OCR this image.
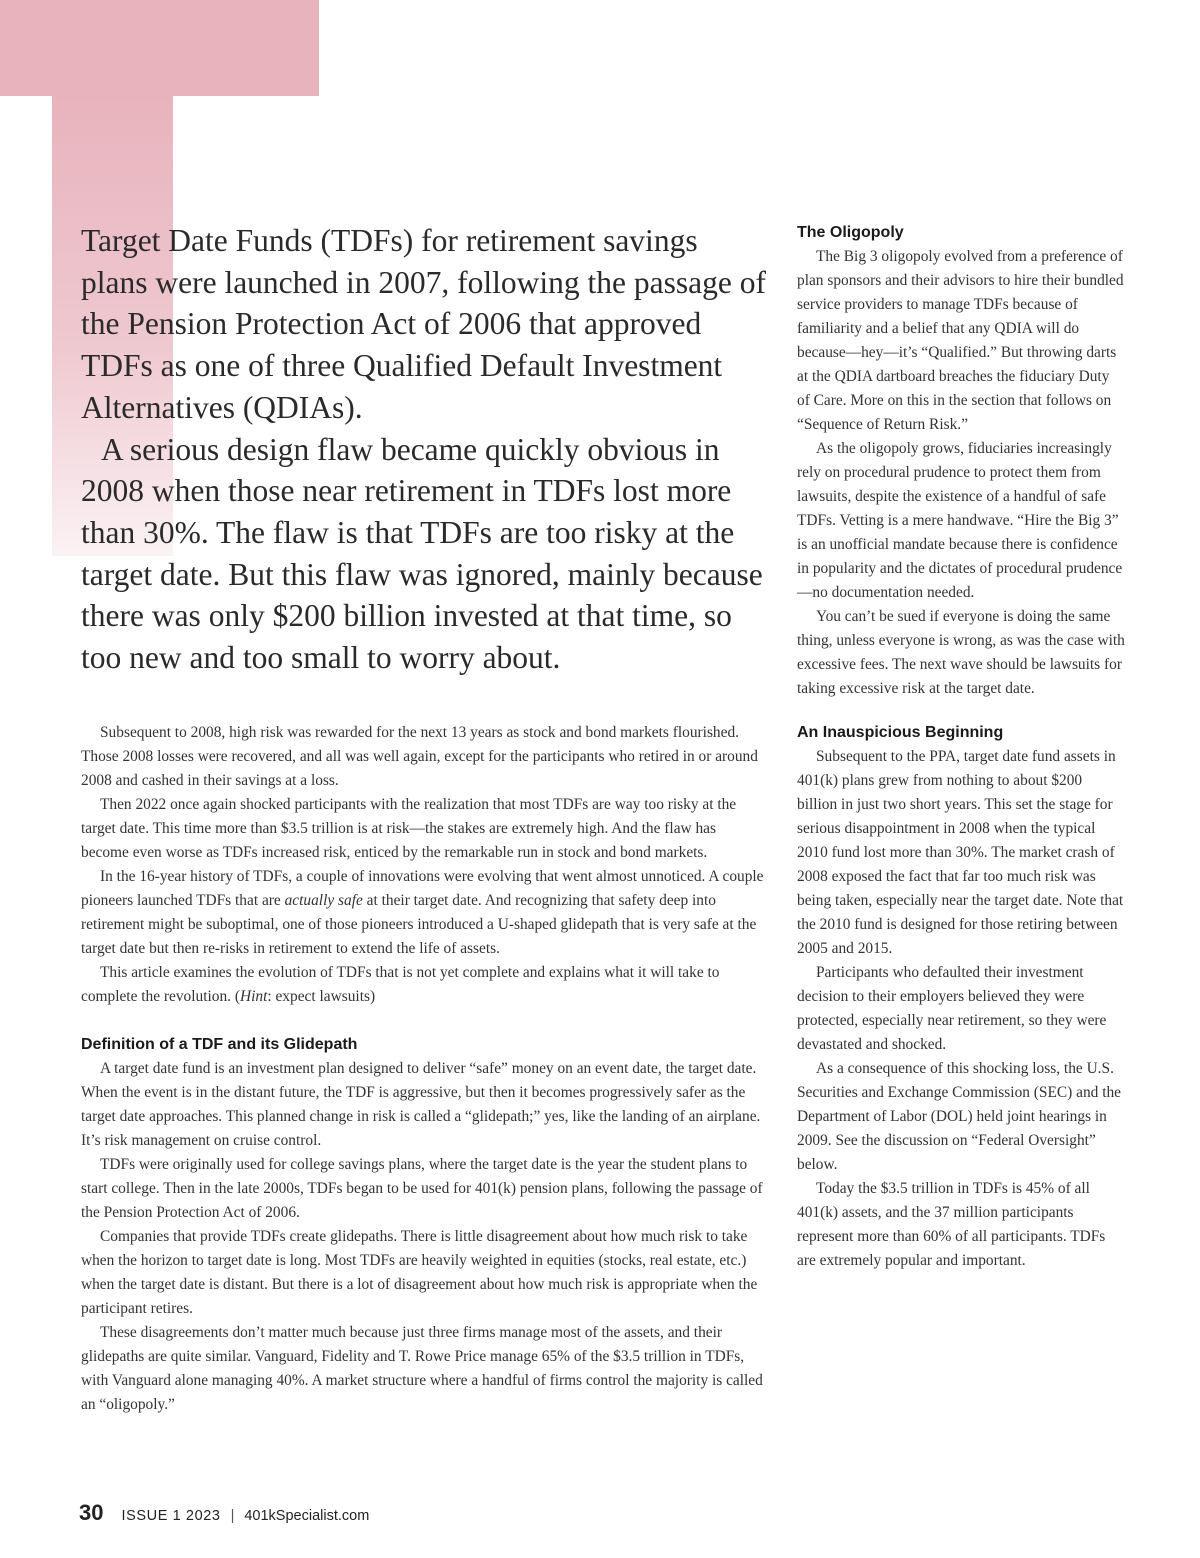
Target Date Funds (TDFs) for retirement savings plans were launched in 2007, following the passage of the Pension Protection Act of 2006 that approved TDFs as one of three Qualified Default Investment Alternatives (QDIAs).

A serious design flaw became quickly obvious in 2008 when those near retirement in TDFs lost more than 30%. The flaw is that TDFs are too risky at the target date. But this flaw was ignored, mainly because there was only $200 billion invested at that time, so too new and too small to worry about.

Subsequent to 2008, high risk was rewarded for the next 13 years as stock and bond markets flourished. Those 2008 losses were recovered, and all was well again, except for the participants who retired in or around 2008 and cashed in their savings at a loss.

Then 2022 once again shocked participants with the realization that most TDFs are way too risky at the target date. This time more than $3.5 trillion is at risk—the stakes are extremely high. And the flaw has become even worse as TDFs increased risk, enticed by the remarkable run in stock and bond markets.

In the 16-year history of TDFs, a couple of innovations were evolving that went almost unnoticed. A couple pioneers launched TDFs that are actually safe at their target date. And recognizing that safety deep into retirement might be suboptimal, one of those pioneers introduced a U-shaped glidepath that is very safe at the target date but then re-risks in retirement to extend the life of assets.

This article examines the evolution of TDFs that is not yet complete and explains what it will take to complete the revolution. (Hint: expect lawsuits)

Definition of a TDF and its Glidepath

A target date fund is an investment plan designed to deliver “safe” money on an event date, the target date. When the event is in the distant future, the TDF is aggressive, but then it becomes progressively safer as the target date approaches. This planned change in risk is called a “glidepath;” yes, like the landing of an airplane. It’s risk management on cruise control.

TDFs were originally used for college savings plans, where the target date is the year the student plans to start college. Then in the late 2000s, TDFs began to be used for 401(k) pension plans, following the passage of the Pension Protection Act of 2006.

Companies that provide TDFs create glidepaths. There is little disagreement about how much risk to take when the horizon to target date is long. Most TDFs are heavily weighted in equities (stocks, real estate, etc.) when the target date is distant. But there is a lot of disagreement about how much risk is appropriate when the participant retires.

These disagreements don’t matter much because just three firms manage most of the assets, and their glidepaths are quite similar. Vanguard, Fidelity and T. Rowe Price manage 65% of the $3.5 trillion in TDFs, with Vanguard alone managing 40%. A market structure where a handful of firms control the majority is called an “oligopoly.”

The Oligopoly

The Big 3 oligopoly evolved from a preference of plan sponsors and their advisors to hire their bundled service providers to manage TDFs because of familiarity and a belief that any QDIA will do because—hey—it’s “Qualified.” But throwing darts at the QDIA dartboard breaches the fiduciary Duty of Care. More on this in the section that follows on “Sequence of Return Risk.”

As the oligopoly grows, fiduciaries increasingly rely on procedural prudence to protect them from lawsuits, despite the existence of a handful of safe TDFs. Vetting is a mere handwave. “Hire the Big 3” is an unofficial mandate because there is confidence in popularity and the dictates of procedural prudence—no documentation needed.

You can’t be sued if everyone is doing the same thing, unless everyone is wrong, as was the case with excessive fees. The next wave should be lawsuits for taking excessive risk at the target date.

An Inauspicious Beginning

Subsequent to the PPA, target date fund assets in 401(k) plans grew from nothing to about $200 billion in just two short years. This set the stage for serious disappointment in 2008 when the typical 2010 fund lost more than 30%. The market crash of 2008 exposed the fact that far too much risk was being taken, especially near the target date. Note that the 2010 fund is designed for those retiring between 2005 and 2015.

Participants who defaulted their investment decision to their employers believed they were protected, especially near retirement, so they were devastated and shocked.

As a consequence of this shocking loss, the U.S. Securities and Exchange Commission (SEC) and the Department of Labor (DOL) held joint hearings in 2009. See the discussion on “Federal Oversight” below.

Today the $3.5 trillion in TDFs is 45% of all 401(k) assets, and the 37 million participants represent more than 60% of all participants. TDFs are extremely popular and important.

30 ISSUE 1 2023 | 401kSpecialist.com
